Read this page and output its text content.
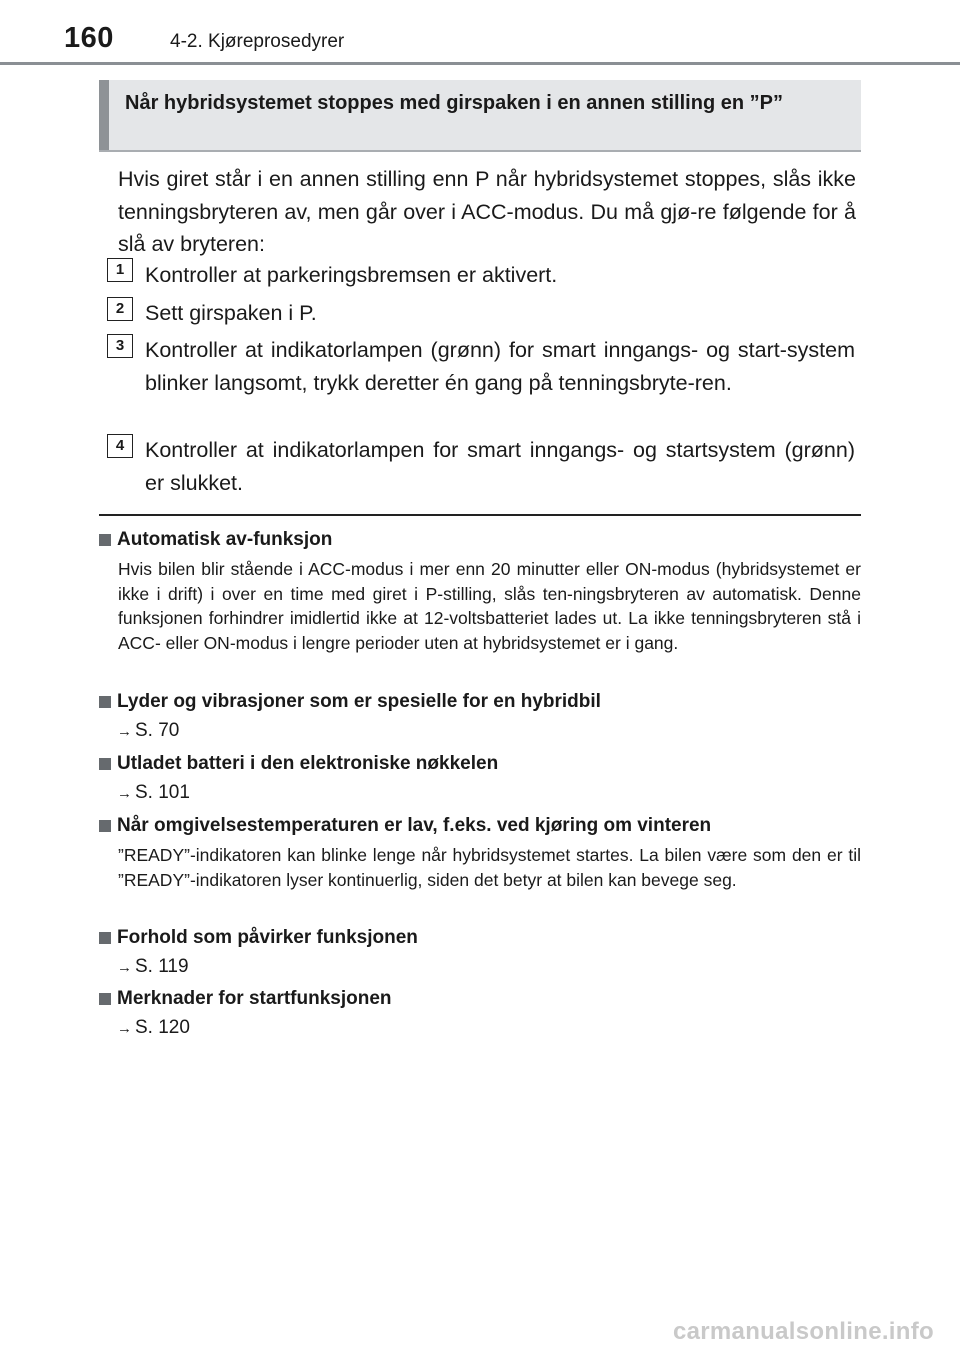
160	4-2. Kjøreprosedyrer
Når hybridsystemet stoppes med girspaken i en annen stilling en ”P”
Hvis giret står i en annen stilling enn P når hybridsystemet stoppes, slås ikke tenningsbryteren av, men går over i ACC-modus. Du må gjø-re følgende for å slå av bryteren:
1 Kontroller at parkeringsbremsen er aktivert.
2 Sett girspaken i P.
3 Kontroller at indikatorlampen (grønn) for smart inngangs- og start-system blinker langsomt, trykk deretter én gang på tenningsbryte-ren.
4 Kontroller at indikatorlampen for smart inngangs- og startsystem (grønn) er slukket.
Automatisk av-funksjon
Hvis bilen blir stående i ACC-modus i mer enn 20 minutter eller ON-modus (hybridsystemet er ikke i drift) i over en time med giret i P-stilling, slås ten-ningsbryteren av automatisk. Denne funksjonen forhindrer imidlertid ikke at 12-voltsbatteriet lades ut. La ikke tenningsbryteren stå i ACC- eller ON-modus i lengre perioder uten at hybridsystemet er i gang.
Lyder og vibrasjoner som er spesielle for en hybridbil
→ S. 70
Utladet batteri i den elektroniske nøkkelen
→ S. 101
Når omgivelsestemperaturen er lav, f.eks. ved kjøring om vinteren
”READY”-indikatoren kan blinke lenge når hybridsystemet startes. La bilen være som den er til ”READY”-indikatoren lyser kontinuerlig, siden det betyr at bilen kan bevege seg.
Forhold som påvirker funksjonen
→ S. 119
Merknader for startfunksjonen
→ S. 120
carmanualsonline.info
